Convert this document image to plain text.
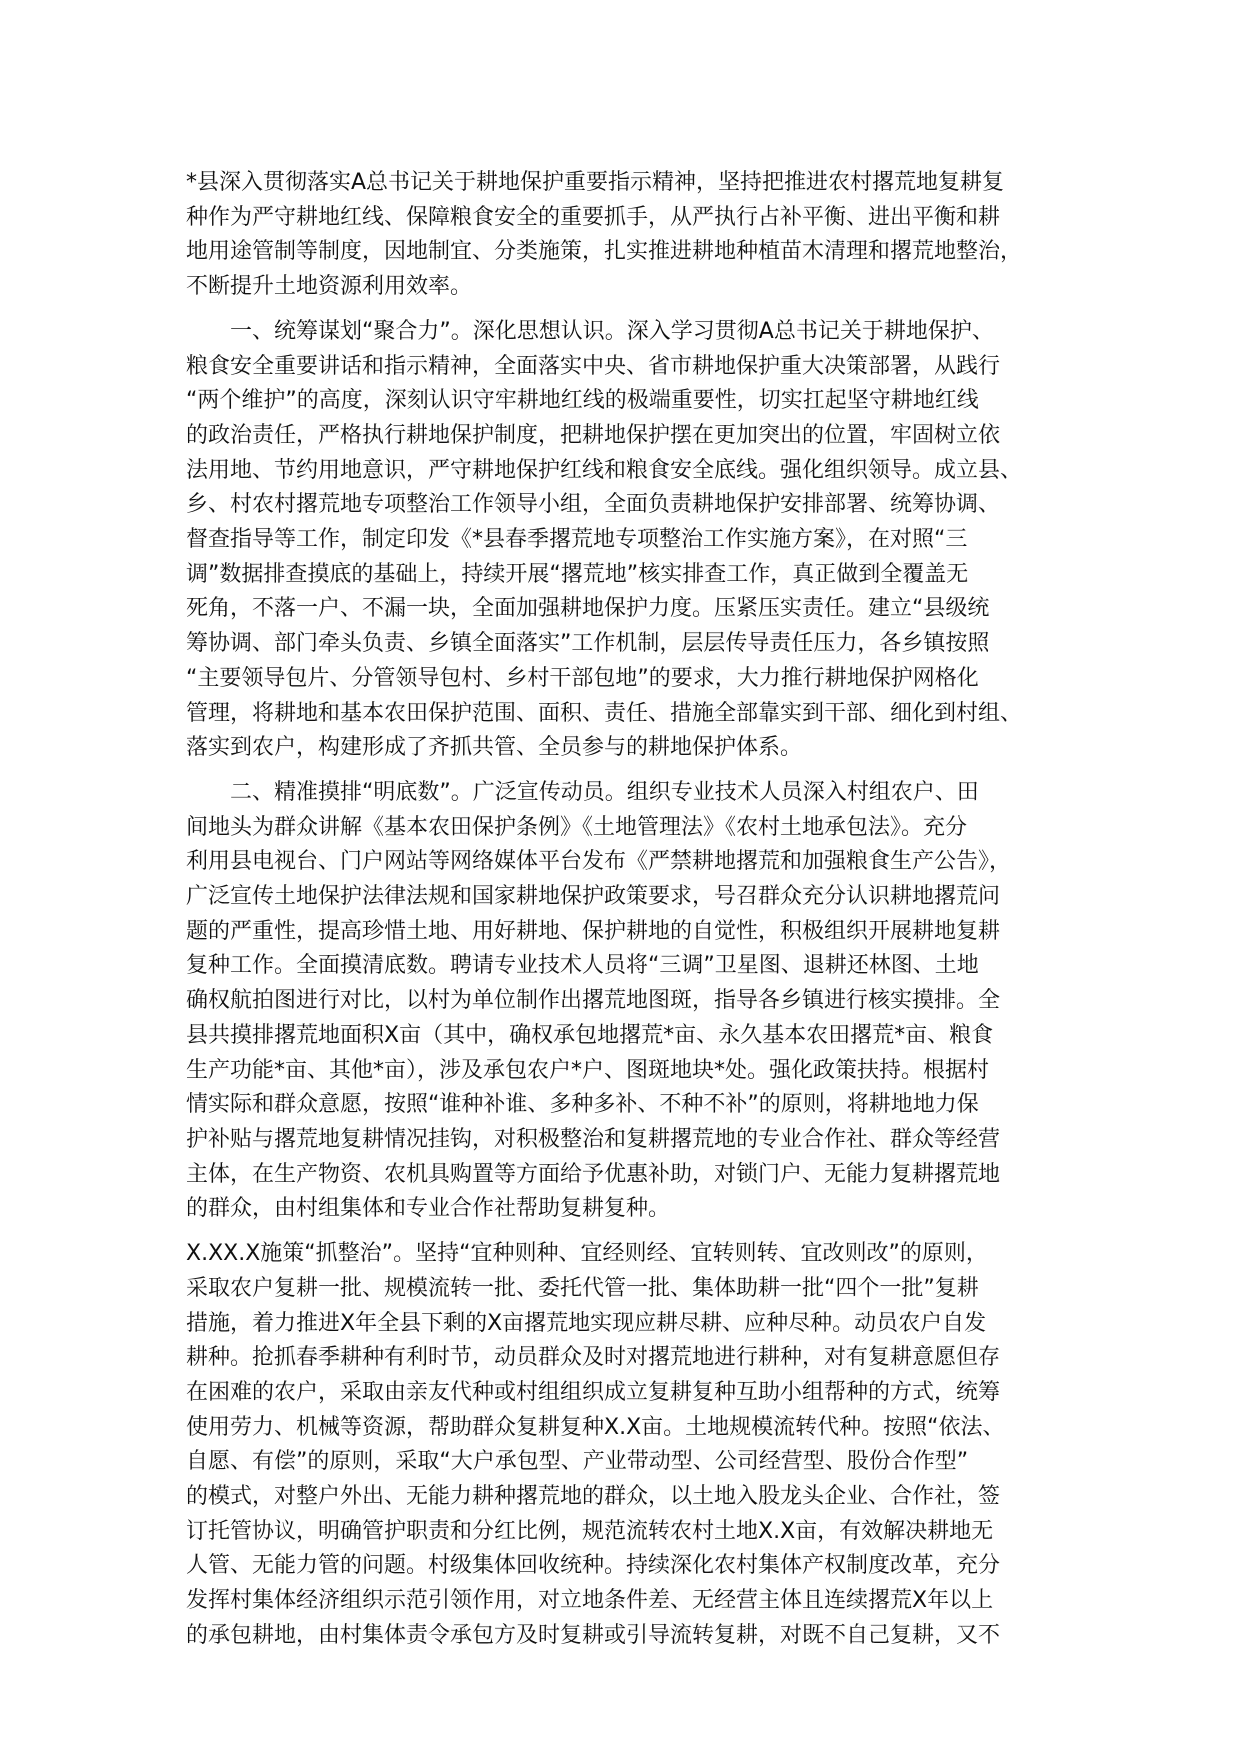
*县深入贯彻落实A总书记关于耕地保护重要指示精神，坚持把推进农村撂荒地复耕复
种作为严守耕地红线、保障粮食安全的重要抓手，从严执行占补平衡、进出平衡和耕
地用途管制等制度，因地制宜、分类施策，扎实推进耕地种植苗木清理和撂荒地整治，
不断提升土地资源利用效率。

　　一、统筹谋划“聚合力”。深化思想认识。深入学习贯彻A总书记关于耕地保护、
粮食安全重要讲话和指示精神，全面落实中央、省市耕地保护重大决策部署，从践行
“两个维护”的高度，深刻认识守牢耕地红线的极端重要性，切实扛起坚守耕地红线
的政治责任，严格执行耕地保护制度，把耕地保护摆在更加突出的位置，牢固树立依
法用地、节约用地意识，严守耕地保护红线和粮食安全底线。强化组织领导。成立县、
乡、村农村撂荒地专项整治工作领导小组，全面负责耕地保护安排部署、统筹协调、
督查指导等工作，制定印发《*县春季撂荒地专项整治工作实施方案》，在对照“三
调”数据排查摸底的基础上，持续开展“撂荒地”核实排查工作，真正做到全覆盖无
死角，不落一户、不漏一块，全面加强耕地保护力度。压紧压实责任。建立“县级统
筹协调、部门牵头负责、乡镇全面落实”工作机制，层层传导责任压力，各乡镇按照
“主要领导包片、分管领导包村、乡村干部包地”的要求，大力推行耕地保护网格化
管理，将耕地和基本农田保护范围、面积、责任、措施全部靠实到干部、细化到村组、
落实到农户，构建形成了齐抓共管、全员参与的耕地保护体系。

　　二、精准摸排“明底数”。广泛宣传动员。组织专业技术人员深入村组农户、田
间地头为群众讲解《基本农田保护条例》《土地管理法》《农村土地承包法》。充分
利用县电视台、门户网站等网络媒体平台发布《严禁耕地撂荒和加强粮食生产公告》，
广泛宣传土地保护法律法规和国家耕地保护政策要求，号召群众充分认识耕地撂荒问
题的严重性，提高珍惜土地、用好耕地、保护耕地的自觉性，积极组织开展耕地复耕
复种工作。全面摸清底数。聘请专业技术人员将“三调”卫星图、退耕还林图、土地
确权航拍图进行对比，以村为单位制作出撂荒地图斑，指导各乡镇进行核实摸排。全
县共摸排撂荒地面积X亩（其中，确权承包地撂荒*亩、永久基本农田撂荒*亩、粮食
生产功能*亩、其他*亩），涉及承包农户*户、图斑地块*处。强化政策扶持。根据村
情实际和群众意愿，按照“谁种补谁、多种多补、不种不补”的原则，将耕地地力保
护补贴与撂荒地复耕情况挂钩，对积极整治和复耕撂荒地的专业合作社、群众等经营
主体，在生产物资、农机具购置等方面给予优惠补助，对锁门户、无能力复耕撂荒地
的群众，由村组集体和专业合作社帮助复耕复种。

X.XX.X施策“抓整治”。坚持“宜种则种、宜经则经、宜转则转、宜改则改”的原则，
采取农户复耕一批、规模流转一批、委托代管一批、集体助耕一批“四个一批”复耕
措施，着力推进X年全县下剩的X亩撂荒地实现应耕尽耕、应种尽种。动员农户自发
耕种。抢抓春季耕种有利时节，动员群众及时对撂荒地进行耕种，对有复耕意愿但存
在困难的农户，采取由亲友代种或村组组织成立复耕复种互助小组帮种的方式，统筹
使用劳力、机械等资源，帮助群众复耕复种X.X亩。土地规模流转代种。按照“依法、
自愿、有偿”的原则，采取“大户承包型、产业带动型、公司经营型、股份合作型”
的模式，对整户外出、无能力耕种撂荒地的群众，以土地入股龙头企业、合作社，签
订托管协议，明确管护职责和分红比例，规范流转农村土地X.X亩，有效解决耕地无
人管、无能力管的问题。村级集体回收统种。持续深化农村集体产权制度改革，充分
发挥村集体经济组织示范引领作用，对立地条件差、无经营主体且连续撂荒X年以上
的承包耕地，由村集体责令承包方及时复耕或引导流转复耕，对既不自己复耕，又不
